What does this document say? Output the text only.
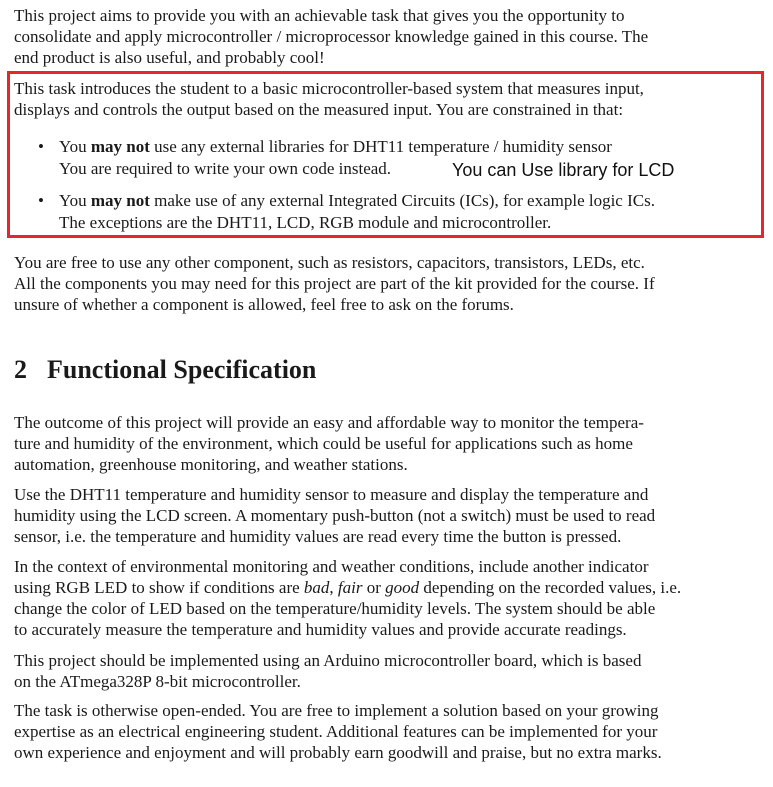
This project aims to provide you with an achievable task that gives you the opportunity to
consolidate and apply microcontroller / microprocessor knowledge gained in this course. The
end product is also useful, and probably cool!
This task introduces the student to a basic microcontroller-based system that measures input,
displays and controls the output based on the measured input. You are constrained in that:
• You may not use any external libraries for DHT11 temperature / humidity sensor
You are required to write your own code instead.	You can Use library for LCD
• You may not make use of any external Integrated Circuits (ICs), for example logic ICs.
The exceptions are the DHT11, LCD, RGB module and microcontroller.
You are free to use any other component, such as resistors, capacitors, transistors, LEDs, etc.
All the components you may need for this project are part of the kit provided for the course. If
unsure of whether a component is allowed, feel free to ask on the forums.
2 Functional Specification
The outcome of this project will provide an easy and affordable way to monitor the tempera-
ture and humidity of the environment, which could be useful for applications such as home
automation, greenhouse monitoring, and weather stations.
Use the DHT11 temperature and humidity sensor to measure and display the temperature and
humidity using the LCD screen. A momentary push-button (not a switch) must be used to read
sensor, i.e. the temperature and humidity values are read every time the button is pressed.
In the context of environmental monitoring and weather conditions, include another indicator
using RGB LED to show if conditions are bad, fair or good depending on the recorded values, i.e.
change the color of LED based on the temperature/humidity levels. The system should be able
to accurately measure the temperature and humidity values and provide accurate readings.
This project should be implemented using an Arduino microcontroller board, which is based
on the ATmega328P 8-bit microcontroller.
The task is otherwise open-ended. You are free to implement a solution based on your growing
expertise as an electrical engineering student. Additional features can be implemented for your
own experience and enjoyment and will probably earn goodwill and praise, but no extra marks.
